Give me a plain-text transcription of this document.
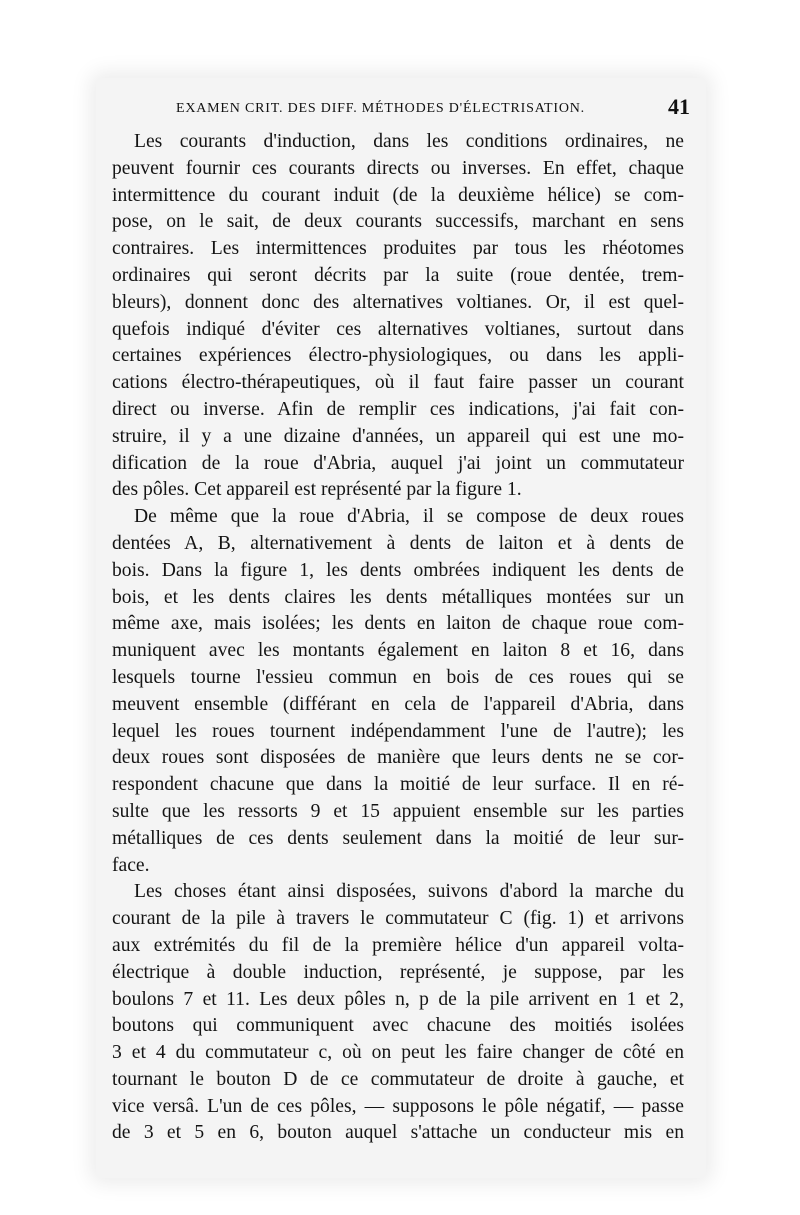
EXAMEN CRIT. DES DIFF. MÉTHODES D'ÉLECTRISATION.	41
Les courants d'induction, dans les conditions ordinaires, ne
peuvent fournir ces courants directs ou inverses. En effet, chaque
intermittence du courant induit (de la deuxième hélice) se com-
pose, on le sait, de deux courants successifs, marchant en sens
contraires. Les intermittences produites par tous les rhéotomes
ordinaires qui seront décrits par la suite (roue dentée, trem-
bleurs), donnent donc des alternatives voltianes. Or, il est quel-
quefois indiqué d'éviter ces alternatives voltianes, surtout dans
certaines expériences électro-physiologiques, ou dans les appli-
cations électro-thérapeutiques, où il faut faire passer un courant
direct ou inverse. Afin de remplir ces indications, j'ai fait con-
struire, il y a une dizaine d'années, un appareil qui est une mo-
dification de la roue d'Abria, auquel j'ai joint un commutateur
des pôles. Cet appareil est représenté par la figure 1.
De même que la roue d'Abria, il se compose de deux roues
dentées A, B, alternativement à dents de laiton et à dents de
bois. Dans la figure 1, les dents ombrées indiquent les dents de
bois, et les dents claires les dents métalliques montées sur un
même axe, mais isolées; les dents en laiton de chaque roue com-
muniquent avec les montants également en laiton 8 et 16, dans
lesquels tourne l'essieu commun en bois de ces roues qui se
meuvent ensemble (différant en cela de l'appareil d'Abria, dans
lequel les roues tournent indépendamment l'une de l'autre); les
deux roues sont disposées de manière que leurs dents ne se cor-
respondent chacune que dans la moitié de leur surface. Il en ré-
sulte que les ressorts 9 et 15 appuient ensemble sur les parties
métalliques de ces dents seulement dans la moitié de leur sur-
face.
Les choses étant ainsi disposées, suivons d'abord la marche du
courant de la pile à travers le commutateur C (fig. 1) et arrivons
aux extrémités du fil de la première hélice d'un appareil volta-
électrique à double induction, représenté, je suppose, par les
boulons 7 et 11. Les deux pôles n, p de la pile arrivent en 1 et 2,
boutons qui communiquent avec chacune des moitiés isolées
3 et 4 du commutateur c, où on peut les faire changer de côté en
tournant le bouton D de ce commutateur de droite à gauche, et
vice versâ. L'un de ces pôles, — supposons le pôle négatif, — passe
de 3 et 5 en 6, bouton auquel s'attache un conducteur mis en
